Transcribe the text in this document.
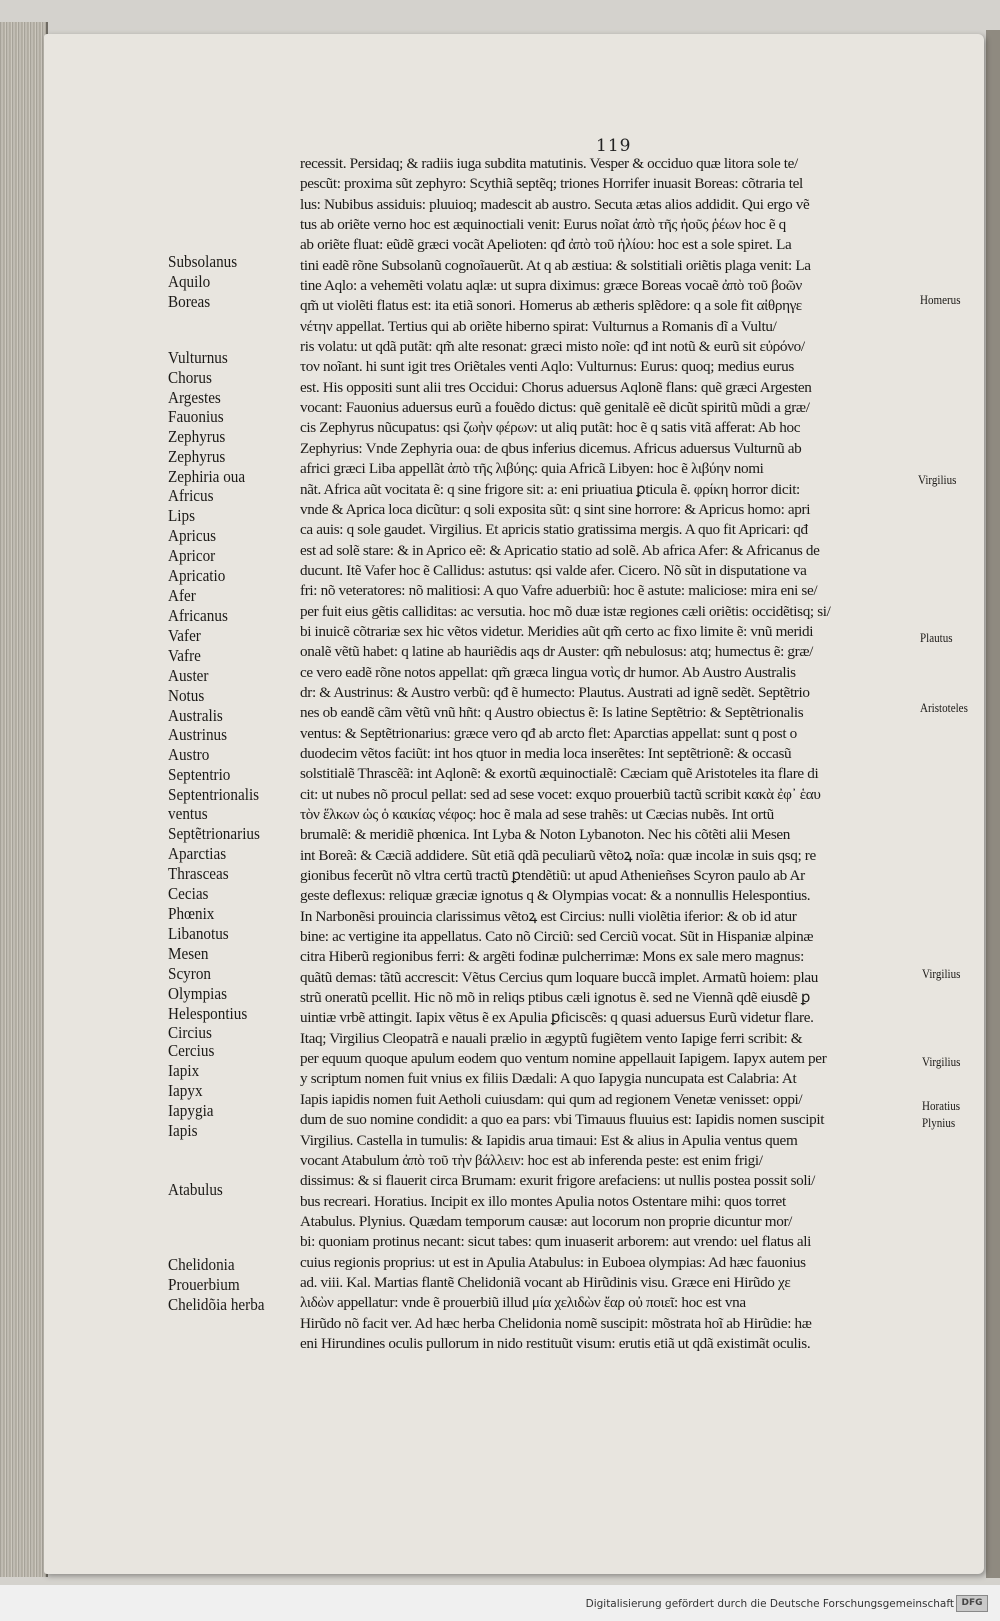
119
recessit. Persidaq; & radiis iuga subdita matutinis. Vesper & occiduo quæ litora sole te/
pescũt: proxima sũt zephyro: Scythiã septẽq; triones Horrifer inuasit Boreas: cõtraria tel
lus: Nubibus assiduis: pluuioq; madescit ab austro. Secuta ætas alios addidit. Qui ergo vẽ
tus ab oriẽte verno hoc est æquinoctiali venit: Eurus noĩat ἀπὸ τῆς ἠοῦς ῥέων hoc ẽ q
ab oriẽte fluat: eũdẽ græci vocãt Apelioten: qđ ἀπὸ τοῦ ἡλίου: hoc est a sole spiret. La
tini eadẽ rõne Subsolanũ cognoĩauerũt. At q ab æstiua: & solstitiali oriẽtis plaga venit: La
tine Aqlo: a vehemẽti volatu aqlæ: ut supra diximus: græce Boreas vocaẽ ἀπὸ τοῦ βοῶν
qm̃ ut violẽti flatus est: ita etiã sonori. Homerus ab ætheris splẽdore: q a sole fit αἰθρηγε
νέτην appellat. Tertius qui ab oriẽte hiberno spirat: Vulturnus a Romanis dĩ a Vultu/
ris volatu: ut qdã putãt: qm̃ alte resonat: græci misto noĩe: qđ int notũ & eurũ sit εὐρόνο/
τον noĩant. hi sunt igit tres Oriẽtales venti Aqlo: Vulturnus: Eurus: quoq; medius eurus
est. His oppositi sunt alii tres Occidui: Chorus aduersus Aqlonẽ flans: quẽ græci Argesten
vocant: Fauonius aduersus eurũ a fouẽdo dictus: quẽ genitalẽ eẽ dicũt spiritũ mũdi a græ/
cis Zephyrus nũcupatus: qsi ζωὴν φέρων: ut aliq putãt: hoc ẽ q satis vitã afferat: Ab hoc
Zephyrius: Vnde Zephyria oua: de qbus inferius dicemus. Africus aduersus Vulturnũ ab
africi græci Liba appellãt ἀπὸ τῆς λιβύης: quia Africã Libyen: hoc ẽ λιβύην nomi
nãt. Africa aũt vocitata ẽ: q sine frigore sit: a: eni priuatiua ꝑticula ẽ. φρίκη horror dicit:
vnde & Aprica loca dicũtur: q soli exposita sũt: q sint sine horrore: & Apricus homo: apri
ca auis: q sole gaudet. Virgilius. Et apricis statio gratissima mergis. A quo fit Apricari: qđ
est ad solẽ stare: & in Aprico eẽ: & Apricatio statio ad solẽ. Ab africa Afer: & Africanus de
ducunt. Itẽ Vafer hoc ẽ Callidus: astutus: qsi valde afer. Cicero. Nõ sũt in disputatione va
fri: nõ veteratores: nõ malitiosi: A quo Vafre aduerbiũ: hoc ẽ astute: maliciose: mira eni se/
per fuit eius gẽtis calliditas: ac versutia. hoc mõ duæ istæ regiones cæli oriẽtis: occidẽtisq; si/
bi inuicẽ cõtrariæ sex hic vẽtos videtur. Meridies aũt qm̃ certo ac fixo limite ẽ: vnũ meridi
onalẽ vẽtũ habet: q latine ab hauriẽdis aqs dr Auster: qm̃ nebulosus: atq; humectus ẽ: græ/
ce vero eadẽ rõne notos appellat: qm̃ græca lingua νοτὶς dr humor. Ab Austro Australis
dr: & Austrinus: & Austro verbũ: qđ ẽ humecto: Plautus. Austrati ad ignẽ sedẽt. Septẽtrio
nes ob eandẽ cãm vẽtũ vnũ hñt: q Austro obiectus ẽ: Is latine Septẽtrio: & Septẽtrionalis
ventus: & Septẽtrionarius: græce vero qđ ab arcto flet: Aparctias appellat: sunt q post o
duodecim vẽtos faciũt: int hos qtuor in media loca inserẽtes: Int septẽtrionẽ: & occasũ
solstitialẽ Thrascẽã: int Aqlonẽ: & exortũ æquinoctialẽ: Cæciam quẽ Aristoteles ita flare di
cit: ut nubes nõ procul pellat: sed ad sese vocet: exquo prouerbiũ tactũ scribit κακὰ ἐφ᾽ ἑαυ
τὸν ἕλκων ὡς ὁ καικίας νέφος: hoc ẽ mala ad sese trahẽs: ut Cæcias nubẽs. Int ortũ
brumalẽ: & meridiẽ phœnica. Int Lyba & Noton Lybanoton. Nec his cõtẽti alii Mesen
int Boreã: & Cæciã addidere. Sũt etiã qdã peculiarũ vẽtoꝝ noĩa: quæ incolæ in suis qsq; re
gionibus fecerũt nõ vltra certũ tractũ ꝑtendẽtiũ: ut apud Athenieñses Scyron paulo ab Ar
geste deflexus: reliquæ græciæ ignotus q & Olympias vocat: & a nonnullis Helespontius.
In Narbonẽsi prouincia clarissimus vẽtoꝝ est Circius: nulli violẽtia iferior: & ob id atur
bine: ac vertigine ita appellatus. Cato nõ Circiũ: sed Cerciũ vocat. Sũt in Hispaniæ alpinæ
citra Hiberũ regionibus ferri: & argẽti fodinæ pulcherrimæ: Mons ex sale mero magnus:
quãtũ demas: tãtũ accrescit: Vẽtus Cercius qum loquare buccã implet. Armatũ hoiem: plau
strũ oneratũ pcellit. Hic nõ mõ in reliqs ptibus cæli ignotus ẽ. sed ne Viennã qdẽ eiusdẽ ꝑ
uintiæ vrbẽ attingit. Iapix vẽtus ẽ ex Apulia ꝑficiscẽs: q quasi aduersus Eurũ videtur flare.
Itaq; Virgilius Cleopatrã e nauali prælio in ægyptũ fugiẽtem vento Iapige ferri scribit: &
per equum quoque apulum eodem quo ventum nomine appellauit Iapigem. Iapyx autem per
y scriptum nomen fuit vnius ex filiis Dædali: A quo Iapygia nuncupata est Calabria: At
Iapis iapidis nomen fuit Aetholi cuiusdam: qui qum ad regionem Venetæ venisset: oppi/
dum de suo nomine condidit: a quo ea pars: vbi Timauus fluuius est: Iapidis nomen suscipit
Virgilius. Castella in tumulis: & Iapidis arua timaui: Est & alius in Apulia ventus quem
vocant Atabulum ἀπὸ τοῦ τὴν βάλλειν: hoc est ab inferenda peste: est enim frigi/
dissimus: & si flauerit circa Brumam: exurit frigore arefaciens: ut nullis postea possit soli/
bus recreari. Horatius. Incipit ex illo montes Apulia notos Ostentare mihi: quos torret
Atabulus. Plynius. Quædam temporum causæ: aut locorum non proprie dicuntur mor/
bi: quoniam protinus necant: sicut tabes: qum inuaserit arborem: aut vrendo: uel flatus ali
cuius regionis proprius: ut est in Apulia Atabulus: in Euboea olympias: Ad hæc fauonius
ad. viii. Kal. Martias flantẽ Chelidoniã vocant ab Hirũdinis visu. Græce eni Hirũdo χε
λιδὼν appellatur: vnde ẽ prouerbiũ illud μία χελιδὼν ἔαρ οὐ ποιεῖ: hoc est vna
Hirũdo nõ facit ver. Ad hæc herba Chelidonia nomẽ suscipit: mõstrata hoĩ ab Hirũdie: hæ
eni Hirundines oculis pullorum in nido restituũt visum: erutis etiã ut qdã existimãt oculis.
Subsolanus
Aquilo
Boreas
Vulturnus
Chorus
Argestes
Fauonius
Zephyrus
Zephyrus
Zephiria oua
Africus
Lips
Apricus
Apricor
Apricatio
Afer
Africanus
Vafer
Vafre
Auster
Notus
Australis
Austrinus
Austro
Septentrio
Septentrionalis
ventus
Septẽtrionarius
Aparctias
Thrasceas
Cecias
Phœnix
Libanotus
Mesen
Scyron
Olympias
Helespontius
Circius
Cercius
Iapix
Iapyx
Iapygia
Iapis
Atabulus
Chelidonia
Prouerbium
Chelidõia herba
Homerus
Virgilius
Plautus
Aristoteles
Virgilius
Virgilius
Horatius
Plynius
Digitalisierung gefördert durch die Deutsche Forschungsgemeinschaft DFG
